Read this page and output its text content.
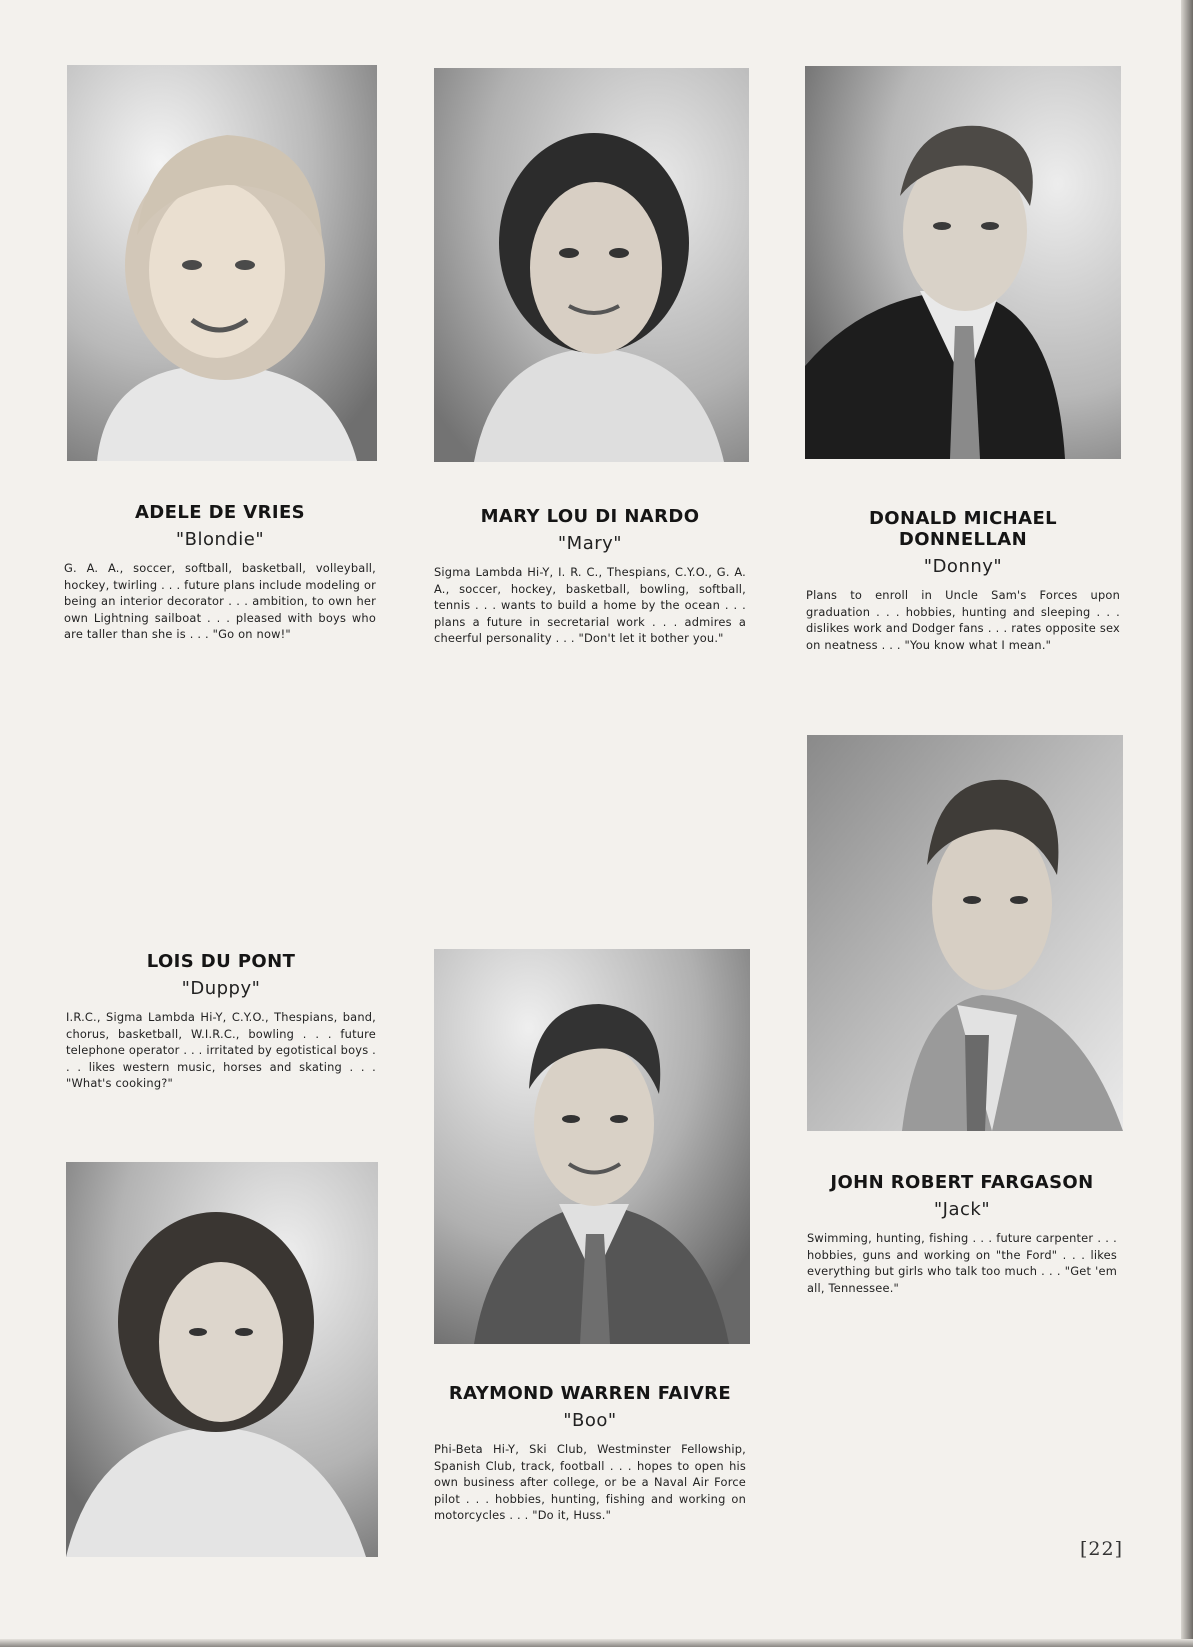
ADELE DE VRIES
"Blondie"

G. A. A., soccer, softball, basketball, volleyball, hockey, twirling . . . future plans include modeling or being an interior decorator . . . ambition, to own her own Lightning sailboat . . . pleased with boys who are taller than she is . . . "Go on now!"

MARY LOU DI NARDO
"Mary"

Sigma Lambda Hi-Y, I. R. C., Thespians, C.Y.O., G. A. A., soccer, hockey, basketball, bowling, softball, tennis . . . wants to build a home by the ocean . . . plans a future in secretarial work . . . admires a cheerful personality . . . "Don't let it bother you."

DONALD MICHAEL DONNELLAN
"Donny"

Plans to enroll in Uncle Sam's Forces upon graduation . . . hobbies, hunting and sleeping . . . dislikes work and Dodger fans . . . rates opposite sex on neatness . . . "You know what I mean."

LOIS DU PONT
"Duppy"

I.R.C., Sigma Lambda Hi-Y, C.Y.O., Thespians, band, chorus, basketball, W.I.R.C., bowling . . . future telephone operator . . . irritated by egotistical boys . . . likes western music, horses and skating . . . "What's cooking?"

RAYMOND WARREN FAIVRE
"Boo"

Phi-Beta Hi-Y, Ski Club, Westminster Fellowship, Spanish Club, track, football . . . hopes to open his own business after college, or be a Naval Air Force pilot . . . hobbies, hunting, fishing and working on motorcycles . . . "Do it, Huss."

JOHN ROBERT FARGASON
"Jack"

Swimming, hunting, fishing . . . future carpenter . . . hobbies, guns and working on "the Ford" . . . likes everything but girls who talk too much . . . "Get 'em all, Tennessee."

[22]
